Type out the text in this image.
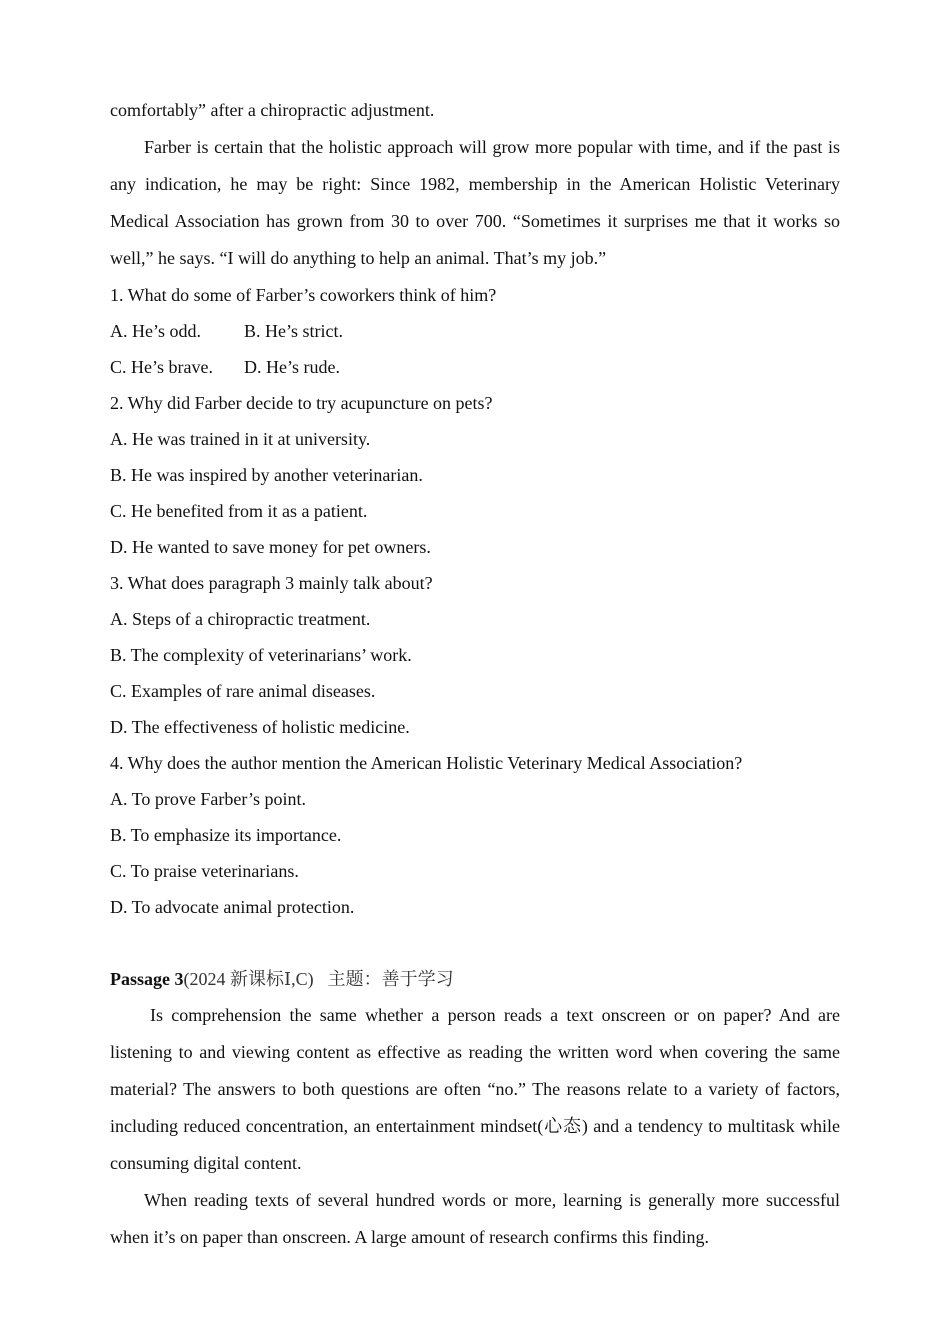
comfortably” after a chiropractic adjustment.

Farber is certain that the holistic approach will grow more popular with time, and if the past is any indication, he may be right: Since 1982, membership in the American Holistic Veterinary Medical Association has grown from 30 to over 700. “Sometimes it surprises me that it works so well,” he says. “I will do anything to help an animal. That’s my job.”

1. What do some of Farber’s coworkers think of him?

A. He’s odd. B. He’s strict.

C. He’s brave. D. He’s rude.

2. Why did Farber decide to try acupuncture on pets?

A. He was trained in it at university.

B. He was inspired by another veterinarian.

C. He benefited from it as a patient.

D. He wanted to save money for pet owners.

3. What does paragraph 3 mainly talk about?

A. Steps of a chiropractic treatment.

B. The complexity of veterinarians’ work.

C. Examples of rare animal diseases.

D. The effectiveness of holistic medicine.

4. Why does the author mention the American Holistic Veterinary Medical Association?

A. To prove Farber’s point.

B. To emphasize its importance.

C. To praise veterinarians.

D. To advocate animal protection.

Passage 3(2024 新课标Ⅰ,C) 主题：善于学习

Is comprehension the same whether a person reads a text onscreen or on paper? And are listening to and viewing content as effective as reading the written word when covering the same material? The answers to both questions are often “no.” The reasons relate to a variety of factors, including reduced concentration, an entertainment mindset(心态) and a tendency to multitask while consuming digital content.

When reading texts of several hundred words or more, learning is generally more successful when it’s on paper than onscreen. A large amount of research confirms this finding.
